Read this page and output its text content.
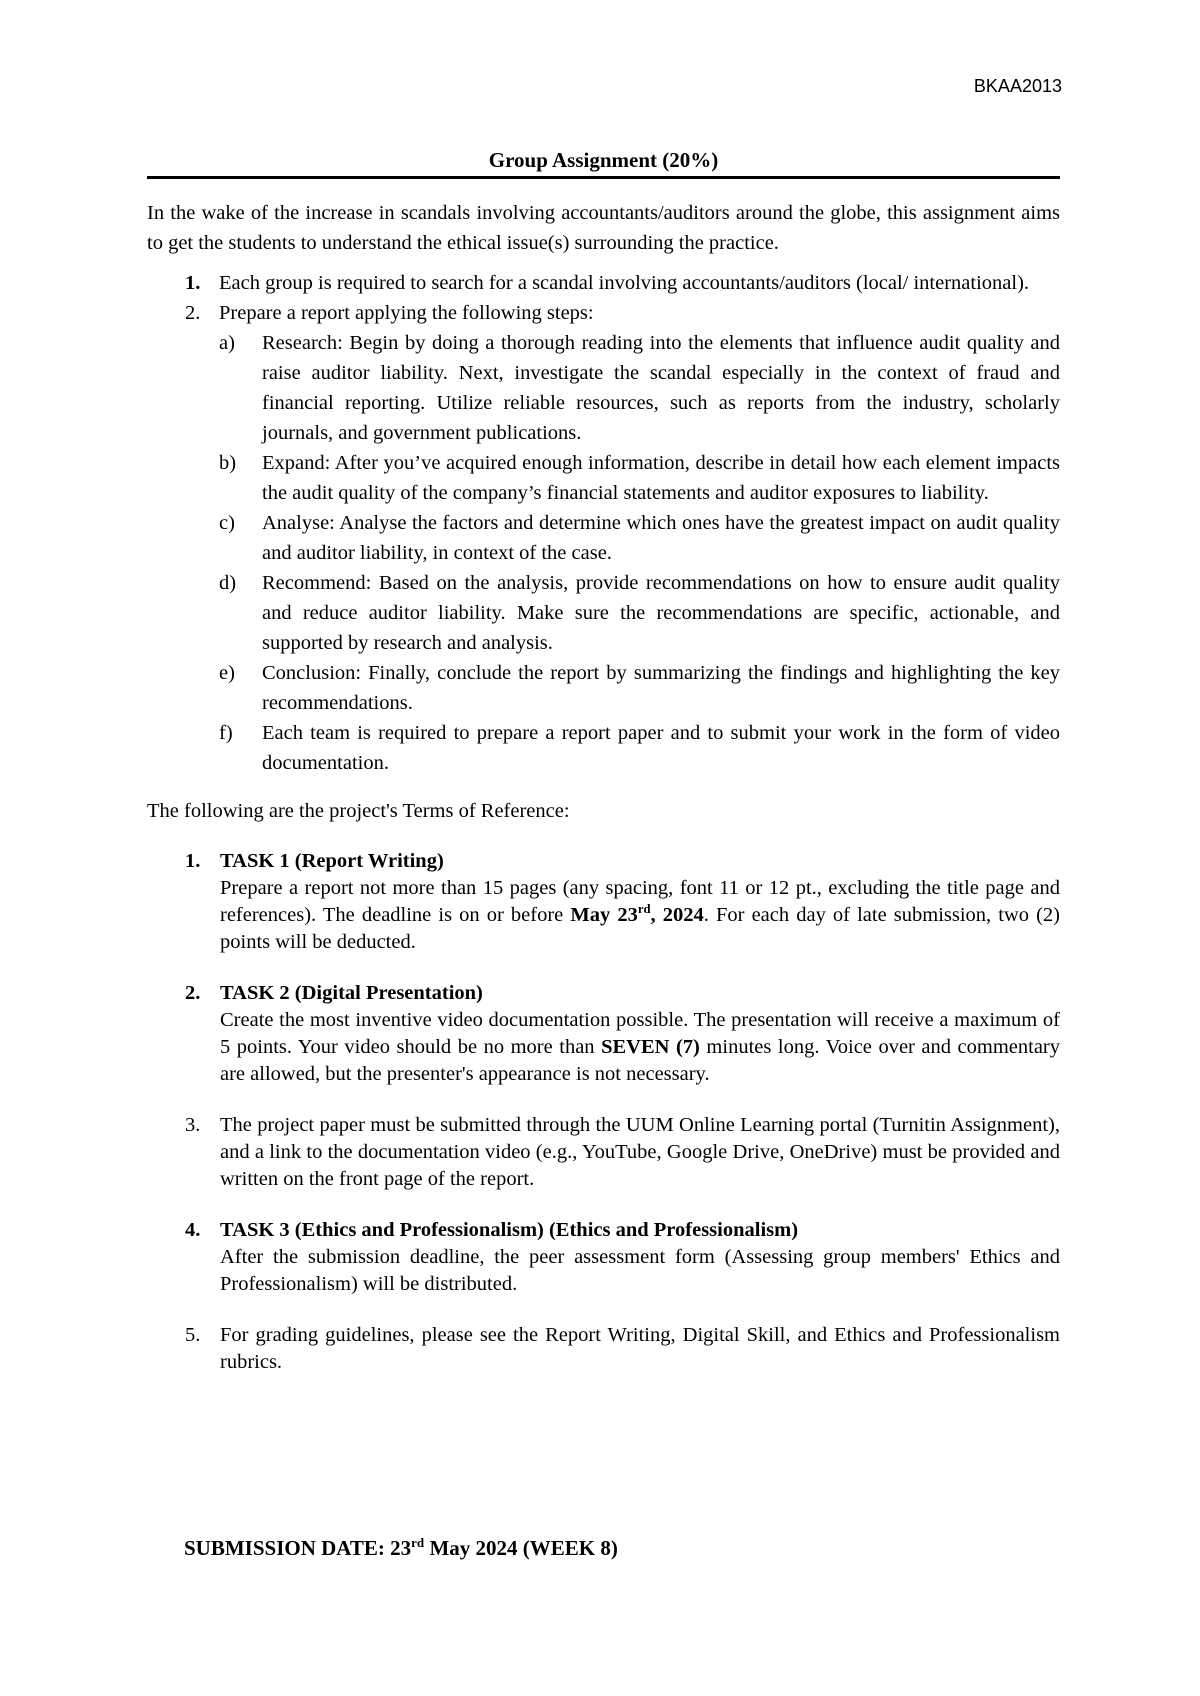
BKAA2013
Group Assignment (20%)

In the wake of the increase in scandals involving accountants/auditors around the globe, this assignment aims to get the students to understand the ethical issue(s) surrounding the practice.

1. Each group is required to search for a scandal involving accountants/auditors (local/ international).
2. Prepare a report applying the following steps:
a) Research: Begin by doing a thorough reading into the elements that influence audit quality and raise auditor liability. Next, investigate the scandal especially in the context of fraud and financial reporting. Utilize reliable resources, such as reports from the industry, scholarly journals, and government publications.
b) Expand: After you’ve acquired enough information, describe in detail how each element impacts the audit quality of the company’s financial statements and auditor exposures to liability.
c) Analyse: Analyse the factors and determine which ones have the greatest impact on audit quality and auditor liability, in context of the case.
d) Recommend: Based on the analysis, provide recommendations on how to ensure audit quality and reduce auditor liability. Make sure the recommendations are specific, actionable, and supported by research and analysis.
e) Conclusion: Finally, conclude the report by summarizing the findings and highlighting the key recommendations.
f) Each team is required to prepare a report paper and to submit your work in the form of video documentation.

The following are the project's Terms of Reference:

1. TASK 1 (Report Writing)
Prepare a report not more than 15 pages (any spacing, font 11 or 12 pt., excluding the title page and references). The deadline is on or before May 23rd, 2024. For each day of late submission, two (2) points will be deducted.
2. TASK 2 (Digital Presentation)
Create the most inventive video documentation possible. The presentation will receive a maximum of 5 points. Your video should be no more than SEVEN (7) minutes long. Voice over and commentary are allowed, but the presenter's appearance is not necessary.
3. The project paper must be submitted through the UUM Online Learning portal (Turnitin Assignment), and a link to the documentation video (e.g., YouTube, Google Drive, OneDrive) must be provided and written on the front page of the report.
4. TASK 3 (Ethics and Professionalism) (Ethics and Professionalism)
After the submission deadline, the peer assessment form (Assessing group members' Ethics and Professionalism) will be distributed.
5. For grading guidelines, please see the Report Writing, Digital Skill, and Ethics and Professionalism rubrics.
SUBMISSION DATE: 23rd May 2024 (WEEK 8)
